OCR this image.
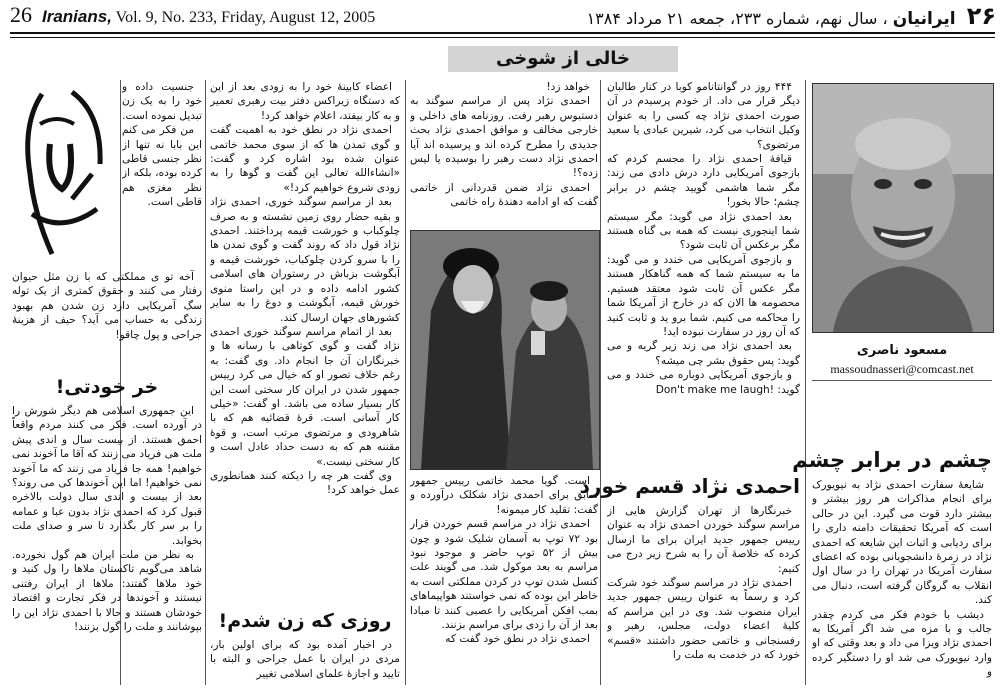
26 Iranians, Vol. 9, No. 233, Friday, August 12, 2005	۲۶ ایرانیان ، سال نهم، شماره ۲۳۳، جمعه ۲۱ مرداد ۱۳۸۴
خالی از شوخی
مسعود ناصری
massoudnasseri@comcast.net
چشم در برابر چشم

شایعهٔ سفارت احمدی نژاد به نیویورک برای انجام مذاکرات هر روز بیشتر و بیشتر دارد قوت می گیرد. این در حالی است که آمریکا تحقیقات دامنه داری را برای ردیابی و اثبات این شایعه که احمدی نژاد در زمرهٔ دانشجویانی بوده که اعضای سفارت آمریکا در تهران را در سال اول انقلاب به گروگان گرفته است، دنبال می کند.

دیشب با خودم فکر می کردم چقدر جالب و با مزه می شد اگر آمریکا به احمدی نژاد ویزا می داد و بعد وقتی که او وارد نیویورک می شد او را دستگیر کرده و

۴۴۴ روز در گوانتانامو کوبا در کنار طالبان دیگر قرار می داد. از خودم پرسیدم در آن صورت احمدی نژاد چه کسی را به عنوان وکیل انتخاب می کرد، شیرین عبادی یا سعید مرتضوی؟

قیافهٔ احمدی نژاد را مجسم کردم که بازجوی آمریکایی دارد درش دادی می زند: مگر شما هاشمی گویید چشم در برابر چشم؛ حالا بخور!

بعد احمدی نژاد می گوید: مگر سیستم شما اینجوری نیست که همه بی گناه هستند مگر برعکس آن ثابت شود؟

و بازجوی آمریکایی می خندد و می گوید: ما به سیستم شما که همه گناهکار هستند مگر عکس آن ثابت شود معتقد هستیم. محصومه ها الان که در خارج از آمریکا شما را محاکمه می کنیم. شما برو ید و ثابت کنید که آن روز در سفارت نبوده اید!

بعد احمدی نژاد می زند زیر گریه و می گوید: پس حقوق بشر چی میشه؟

و بازجوی آمریکایی دوباره می خندد و می گوید: !Don't make me laugh

احمدی نژاد قسم خورد

خبرنگارها از تهران گزارش هایی از مراسم سوگند خوردن احمدی نژاد به عنوان رییس جمهور جدید ایران برای ما ارسال کرده که خلاصهٔ آن را به شرح زیر درج می کنیم:

احمدی نژاد در مراسم سوگند خود شرکت کرد و رسماً به عنوان رییس جمهور جدید ایران منصوب شد. وی در این مراسم که کلیهٔ اعضاء دولت، مجلس، رهبر و رفسنجانی و خاتمی حضور داشتند «قسم» خورد که در خدمت به ملت را

خواهد زد!

احمدی نژاد پس از مراسم سوگند به دستبوس رهبر رفت. روزنامه های داخلی و خارجی مخالف و موافق احمدی نژاد بحث جدیدی را مطرح کرده اند و پرسیده اند آیا احمدی نژاد دست رهبر را بوسیده یا لیس زده؟!

احمدی نژاد ضمن قدردانی از خاتمی گفت که او ادامه دهندهٔ راه خاتمی

است. گویا محمد خاتمی رییس جمهور سابق برای احمدی نژاد شکلک درآورده و گفت: تقلید کار میمونه!

احمدی نژاد در مراسم قسم خوردن قرار بود ۷۲ توپ به آسمان شلیک شود و چون بیش از ۵۲ توپ حاضر و موجود نبود مراسم به بعد موکول شد. می گویند علت کنسل شدن توپ در کردن مملکتی است به خاطر این بوده که نمی خواستند هواپیماهای بمب افکن آمریکایی را عصبی کنند تا مبادا بعد از آن را زدی برای مراسم بزنند.

احمدی نژاد در نطق خود گفت که

اعضاء کابینهٔ خود را به زودی بعد از این که دستگاه زیراکس دفتر بیت رهبری تعمیر و به کار بیفتد، اعلام خواهد کرد!

احمدی نژاد در نطق خود به اهمیت گفت و گوی تمدن ها که از سوی محمد خاتمی عنوان شده بود اشاره کرد و گفت: «انشاءالله تعالی این گفت و گوها را به زودی شروع خواهیم کرد!»

بعد از مراسم سوگند خوری، احمدی نژاد و بقیه حضار روی زمین نشسته و به صرف چلوکباب و خورشت قیمه پرداختند. احمدی نژاد قول داد که روند گفت و گوی تمدن ها را با سرو کردن چلوکباب، خورشت قیمه و آبگوشت بزباش در رستوران های اسلامی کشور ادامه داده و در این راستا منوی خورش قیمه، آبگوشت و دوغ را به سایر کشورهای جهان ارسال کند.

بعد از اتمام مراسم سوگند خوری احمدی نژاد گفت و گوی کوتاهی با رسانه ها و خبرنگاران آن جا انجام داد. وی گفت: به رغم خلاف تصور او که خیال می کرد رییس جمهور شدن در ایران کار سختی است این کار بسیار ساده می باشد. او گفت: «خیلی کار آسانی است. قرهٔ قضائیه هم که با شاهرودی و مرتضوی مرتب است، و قوهٔ مقننه هم که به دست حداد عادل است و کار سختی نیست.»

وی گفت هر چه را دیکته کنند همانطوری عمل خواهد کرد!

روزی که زن شدم!

در اخبار آمده بود که برای اولین بار، مردی در ایران با عمل جراحی و البته با تایید و اجازهٔ علمای اسلامی تغییر

جنسیت داده و خود را به یک زن تبدیل نموده است.

من فکر می کنم این بابا نه تنها از نظر جنسی قاطی کرده بوده، بلکه از نظر مغزی هم قاطی است.

آخه تو ی مملکتی که با زن مثل حیوان رفتار می کنند و حقوق کمتری از یک توله سگ آمریکایی دارد زن شدن هم بهبود زندگی به حساب می آید؟ حیف از هزینهٔ جراحی و پول چاقو!

خر خودتی!

این جمهوری اسلامی هم دیگر شورش را در آورده است. فکر می کنند مردم واقعاً احمق هستند. از بیست سال و اندی پیش ملت هی فریاد می زنند که آقا ما آخوند نمی خواهیم! همه جا فریاد می زنند که ما آخوند نمی خواهیم! اما این آخوندها کی می روند؟ بعد از بیست و اندی سال دولت بالاخره قبول کرد که احمدی نژاد بدون عبا و عمامه را بر سر کار بگذارد تا سر و صدای ملت بخوابد.

به نظر من ملت ایران هم گول نخورده. شاهد می‌گویم تاکستان ملاها را ول کنید و خود ملاها گفتند: ملاها از ایران رفتنی نیستند و آخوندها در فکر تجارت و اقتصاد خودشان هستند و حالا با احمدی نژاد این را بپوشانند و ملت را گول بزنند!
